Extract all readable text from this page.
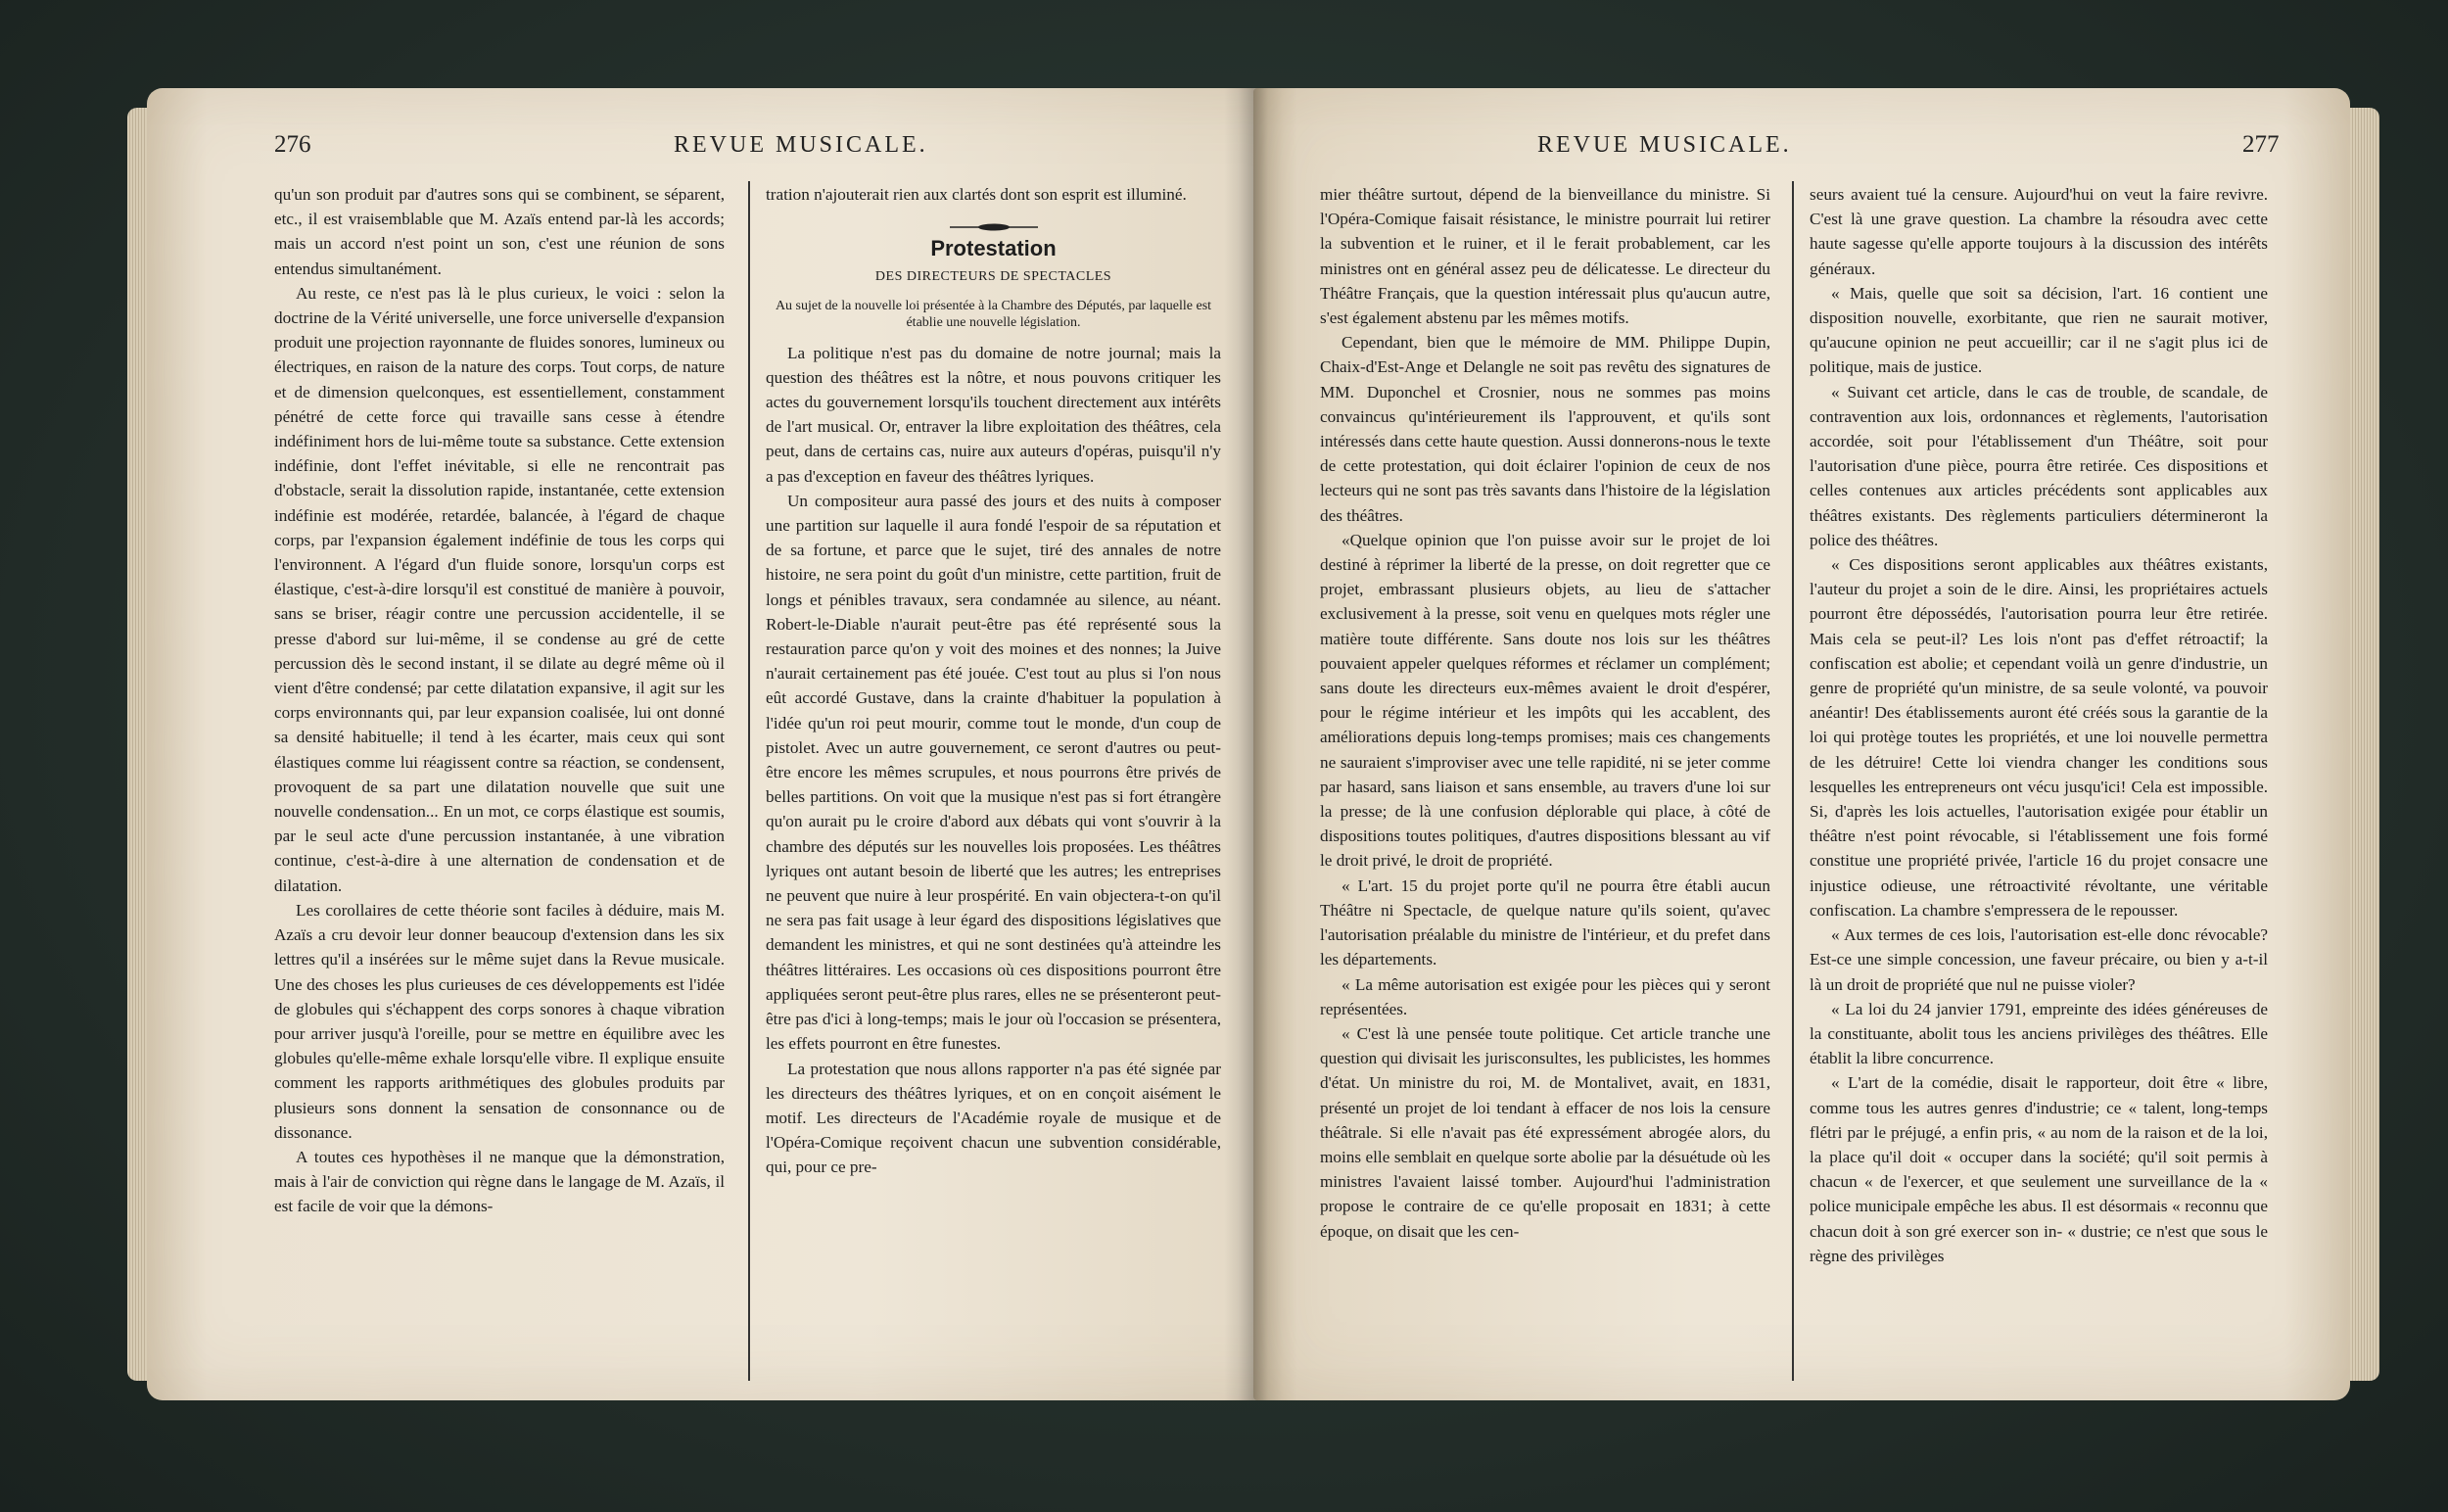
276	REVUE MUSICALE.

qu'un son produit par d'autres sons qui se combinent, se séparent, etc., il est vraisemblable que M. Azaïs entend par-là les accords; mais un accord n'est point un son, c'est une réunion de sons entendus simultanément.

Au reste, ce n'est pas là le plus curieux, le voici : selon la doctrine de la Vérité universelle, une force universelle d'expansion produit une projection rayonnante de fluides sonores, lumineux ou électriques, en raison de la nature des corps. Tout corps, de nature et de dimension quelconques, est essentiellement, constamment pénétré de cette force qui travaille sans cesse à étendre indéfiniment hors de lui-même toute sa substance. Cette extension indéfinie, dont l'effet inévitable, si elle ne rencontrait pas d'obstacle, serait la dissolution rapide, instantanée, cette extension indéfinie est modérée, retardée, balancée, à l'égard de chaque corps, par l'expansion également indéfinie de tous les corps qui l'environnent. A l'égard d'un fluide sonore, lorsqu'un corps est élastique, c'est-à-dire lorsqu'il est constitué de manière à pouvoir, sans se briser, réagir contre une percussion accidentelle, il se presse d'abord sur lui-même, il se condense au gré de cette percussion dès le second instant, il se dilate au degré même où il vient d'être condensé; par cette dilatation expansive, il agit sur les corps environnants qui, par leur expansion coalisée, lui ont donné sa densité habituelle; il tend à les écarter, mais ceux qui sont élastiques comme lui réagissent contre sa réaction, se condensent, provoquent de sa part une dilatation nouvelle que suit une nouvelle condensation... En un mot, ce corps élastique est soumis, par le seul acte d'une percussion instantanée, à une vibration continue, c'est-à-dire à une alternation de condensation et de dilatation.

Les corollaires de cette théorie sont faciles à déduire, mais M. Azaïs a cru devoir leur donner beaucoup d'extension dans les six lettres qu'il a insérées sur le même sujet dans la Revue musicale. Une des choses les plus curieuses de ces développements est l'idée de globules qui s'échappent des corps sonores à chaque vibration pour arriver jusqu'à l'oreille, pour se mettre en équilibre avec les globules qu'elle-même exhale lorsqu'elle vibre. Il explique ensuite comment les rapports arithmétiques des globules produits par plusieurs sons donnent la sensation de consonnance ou de dissonance.

A toutes ces hypothèses il ne manque que la démonstration, mais à l'air de conviction qui règne dans le langage de M. Azaïs, il est facile de voir que la démons-

tration n'ajouterait rien aux clartés dont son esprit est illuminé.

Protestation
DES DIRECTEURS DE SPECTACLES
Au sujet de la nouvelle loi présentée à la Chambre des Députés, par laquelle est établie une nouvelle législation.

La politique n'est pas du domaine de notre journal; mais la question des théâtres est la nôtre, et nous pouvons critiquer les actes du gouvernement lorsqu'ils touchent directement aux intérêts de l'art musical. Or, entraver la libre exploitation des théâtres, cela peut, dans de certains cas, nuire aux auteurs d'opéras, puisqu'il n'y a pas d'exception en faveur des théâtres lyriques.

Un compositeur aura passé des jours et des nuits à composer une partition sur laquelle il aura fondé l'espoir de sa réputation et de sa fortune, et parce que le sujet, tiré des annales de notre histoire, ne sera point du goût d'un ministre, cette partition, fruit de longs et pénibles travaux, sera condamnée au silence, au néant. Robert-le-Diable n'aurait peut-être pas été représenté sous la restauration parce qu'on y voit des moines et des nonnes; la Juive n'aurait certainement pas été jouée. C'est tout au plus si l'on nous eût accordé Gustave, dans la crainte d'habituer la population à l'idée qu'un roi peut mourir, comme tout le monde, d'un coup de pistolet. Avec un autre gouvernement, ce seront d'autres ou peut-être encore les mêmes scrupules, et nous pourrons être privés de belles partitions. On voit que la musique n'est pas si fort étrangère qu'on aurait pu le croire d'abord aux débats qui vont s'ouvrir à la chambre des députés sur les nouvelles lois proposées. Les théâtres lyriques ont autant besoin de liberté que les autres; les entreprises ne peuvent que nuire à leur prospérité. En vain objectera-t-on qu'il ne sera pas fait usage à leur égard des dispositions législatives que demandent les ministres, et qui ne sont destinées qu'à atteindre les théâtres littéraires. Les occasions où ces dispositions pourront être appliquées seront peut-être plus rares, elles ne se présenteront peut-être pas d'ici à long-temps; mais le jour où l'occasion se présentera, les effets pourront en être funestes.

La protestation que nous allons rapporter n'a pas été signée par les directeurs des théâtres lyriques, et on en conçoit aisément le motif. Les directeurs de l'Académie royale de musique et de l'Opéra-Comique reçoivent chacun une subvention considérable, qui, pour ce pre-

REVUE MUSICALE.	277

mier théâtre surtout, dépend de la bienveillance du ministre. Si l'Opéra-Comique faisait résistance, le ministre pourrait lui retirer la subvention et le ruiner, et il le ferait probablement, car les ministres ont en général assez peu de délicatesse. Le directeur du Théâtre Français, que la question intéressait plus qu'aucun autre, s'est également abstenu par les mêmes motifs.

Cependant, bien que le mémoire de MM. Philippe Dupin, Chaix-d'Est-Ange et Delangle ne soit pas revêtu des signatures de MM. Duponchel et Crosnier, nous ne sommes pas moins convaincus qu'intérieurement ils l'approuvent, et qu'ils sont intéressés dans cette haute question. Aussi donnerons-nous le texte de cette protestation, qui doit éclairer l'opinion de ceux de nos lecteurs qui ne sont pas très savants dans l'histoire de la législation des théâtres.

«Quelque opinion que l'on puisse avoir sur le projet de loi destiné à réprimer la liberté de la presse, on doit regretter que ce projet, embrassant plusieurs objets, au lieu de s'attacher exclusivement à la presse, soit venu en quelques mots régler une matière toute différente. Sans doute nos lois sur les théâtres pouvaient appeler quelques réformes et réclamer un complément; sans doute les directeurs eux-mêmes avaient le droit d'espérer, pour le régime intérieur et les impôts qui les accablent, des améliorations depuis long-temps promises; mais ces changements ne sauraient s'improviser avec une telle rapidité, ni se jeter comme par hasard, sans liaison et sans ensemble, au travers d'une loi sur la presse; de là une confusion déplorable qui place, à côté de dispositions toutes politiques, d'autres dispositions blessant au vif le droit privé, le droit de propriété.

« L'art. 15 du projet porte qu'il ne pourra être établi aucun Théâtre ni Spectacle, de quelque nature qu'ils soient, qu'avec l'autorisation préalable du ministre de l'intérieur, et du prefet dans les départements.

« La même autorisation est exigée pour les pièces qui y seront représentées.

« C'est là une pensée toute politique. Cet article tranche une question qui divisait les jurisconsultes, les publicistes, les hommes d'état. Un ministre du roi, M. de Montalivet, avait, en 1831, présenté un projet de loi tendant à effacer de nos lois la censure théâtrale. Si elle n'avait pas été expressément abrogée alors, du moins elle semblait en quelque sorte abolie par la désuétude où les ministres l'avaient laissé tomber. Aujourd'hui l'administration propose le contraire de ce qu'elle proposait en 1831; à cette époque, on disait que les cen-

seurs avaient tué la censure. Aujourd'hui on veut la faire revivre. C'est là une grave question. La chambre la résoudra avec cette haute sagesse qu'elle apporte toujours à la discussion des intérêts généraux.

« Mais, quelle que soit sa décision, l'art. 16 contient une disposition nouvelle, exorbitante, que rien ne saurait motiver, qu'aucune opinion ne peut accueillir; car il ne s'agit plus ici de politique, mais de justice.

« Suivant cet article, dans le cas de trouble, de scandale, de contravention aux lois, ordonnances et règlements, l'autorisation accordée, soit pour l'établissement d'un Théâtre, soit pour l'autorisation d'une pièce, pourra être retirée. Ces dispositions et celles contenues aux articles précédents sont applicables aux théâtres existants. Des règlements particuliers détermineront la police des théâtres.

« Ces dispositions seront applicables aux théâtres existants, l'auteur du projet a soin de le dire. Ainsi, les propriétaires actuels pourront être dépossédés, l'autorisation pourra leur être retirée. Mais cela se peut-il? Les lois n'ont pas d'effet rétroactif; la confiscation est abolie; et cependant voilà un genre d'industrie, un genre de propriété qu'un ministre, de sa seule volonté, va pouvoir anéantir! Des établissements auront été créés sous la garantie de la loi qui protège toutes les propriétés, et une loi nouvelle permettra de les détruire! Cette loi viendra changer les conditions sous lesquelles les entrepreneurs ont vécu jusqu'ici! Cela est impossible. Si, d'après les lois actuelles, l'autorisation exigée pour établir un théâtre n'est point révocable, si l'établissement une fois formé constitue une propriété privée, l'article 16 du projet consacre une injustice odieuse, une rétroactivité révoltante, une véritable confiscation. La chambre s'empressera de le repousser.

« Aux termes de ces lois, l'autorisation est-elle donc révocable? Est-ce une simple concession, une faveur précaire, ou bien y a-t-il là un droit de propriété que nul ne puisse violer?

« La loi du 24 janvier 1791, empreinte des idées généreuses de la constituante, abolit tous les anciens privilèges des théâtres. Elle établit la libre concurrence.

« L'art de la comédie, disait le rapporteur, doit être « libre, comme tous les autres genres d'industrie; ce « talent, long-temps flétri par le préjugé, a enfin pris, « au nom de la raison et de la loi, la place qu'il doit « occuper dans la société; qu'il soit permis à chacun « de l'exercer, et que seulement une surveillance de la « police municipale empêche les abus. Il est désormais « reconnu que chacun doit à son gré exercer son in- « dustrie; ce n'est que sous le règne des privilèges
